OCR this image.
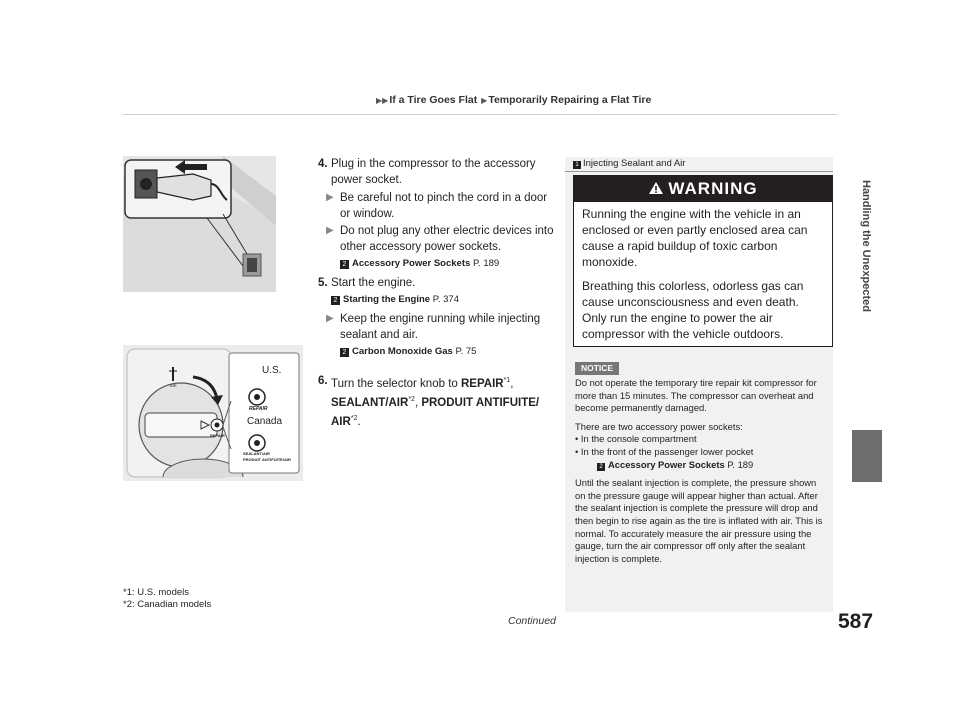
▶▶If a Tire Goes Flat ▶Temporarily Repairing a Flat Tire
Handling the Unexpected
U.S.
Canada
AIR
REPAIR
REPAIR
SEALANT/AIR
PRODUIT ANTIFUITE/AIR
4. Plug in the compressor to the accessory power socket.
▶ Be careful not to pinch the cord in a door or window.
▶ Do not plug any other electric devices into other accessory power sockets.
2 Accessory Power Sockets P. 189
5. Start the engine.
2 Starting the Engine P. 374
▶ Keep the engine running while injecting sealant and air.
2 Carbon Monoxide Gas P. 75
6. Turn the selector knob to REPAIR$^{*1}$, SEALANT/AIR$^{*2}$, PRODUIT ANTIFUITE/ AIR$^{*2}$.
*1: U.S. models
*2: Canadian models
1 Injecting Sealant and Air
WARNING

Running the engine with the vehicle in an enclosed or even partly enclosed area can cause a rapid buildup of toxic carbon monoxide.

Breathing this colorless, odorless gas can cause unconsciousness and even death. Only run the engine to power the air compressor with the vehicle outdoors.

NOTICE

Do not operate the temporary tire repair kit compressor for more than 15 minutes. The compressor can overheat and become permanently damaged.

There are two accessory power sockets:

• In the console compartment
• In the front of the passenger lower pocket
2 Accessory Power Sockets P. 189

Until the sealant injection is complete, the pressure shown on the pressure gauge will appear higher than actual. After the sealant injection is complete the pressure will drop and then begin to rise again as the tire is inflated with air. This is normal. To accurately measure the air pressure using the gauge, turn the air compressor off only after the sealant injection is complete.

Continued	587
